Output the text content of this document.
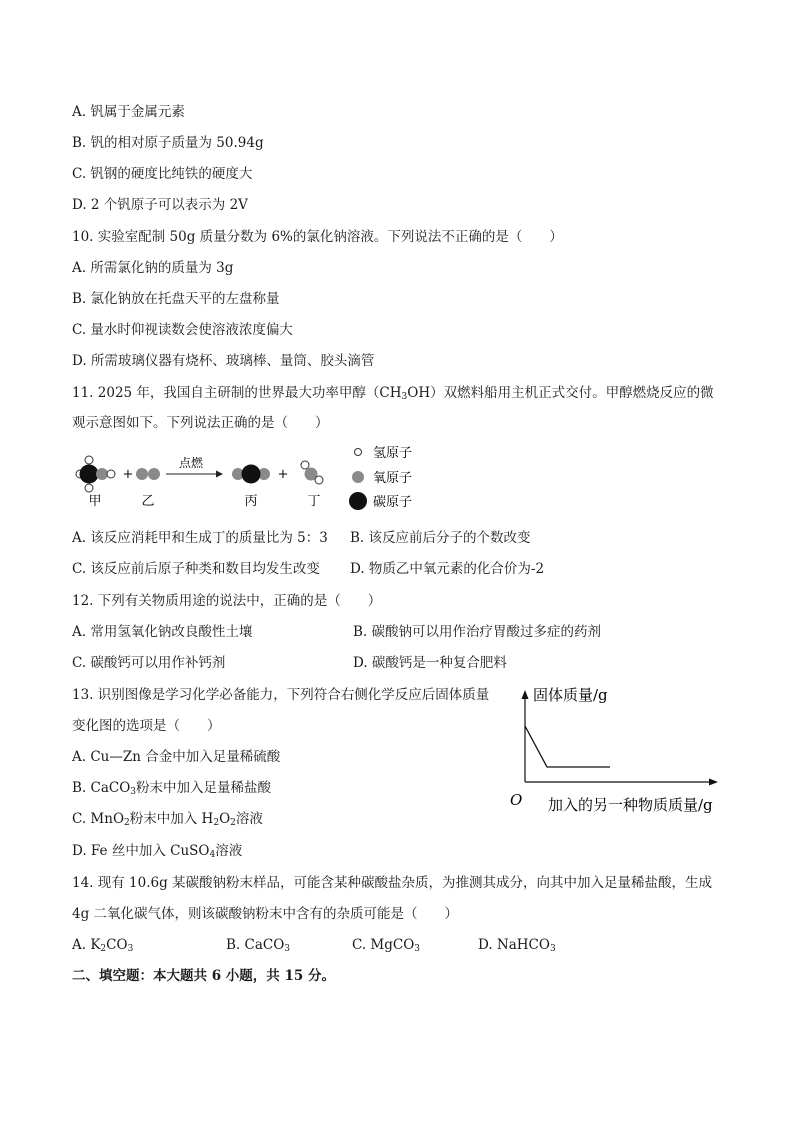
A. 钒属于金属元素
B. 钒的相对原子质量为 50.94g
C. 钒钢的硬度比纯铁的硬度大
D. 2 个钒原子可以表示为 2V
10. 实验室配制 50g 质量分数为 6%的氯化钠溶液。下列说法不正确的是（　　）
A. 所需氯化钠的质量为 3g
B. 氯化钠放在托盘天平的左盘称量
C. 量水时仰视读数会使溶液浓度偏大
D. 所需玻璃仪器有烧杯、玻璃棒、量筒、胶头滴管
11. 2025 年，我国自主研制的世界最大功率甲醇$(CH_3OH)$双燃料船用主机正式交付。甲醇燃烧反应的微
观示意图如下。下列说法正确的是（　　）
+
点燃
+
甲	乙	丙	丁
氢原子
氧原子
碳原子
A. 该反应消耗甲和生成丁的质量比为 5：3 B. 该反应前后分子的个数改变
C. 该反应前后原子种类和数目均发生改变 D. 物质乙中氧元素的化合价为-2
12. 下列有关物质用途的说法中，正确的是（　　）
A. 常用氢氧化钠改良酸性土壤	B. 碳酸钠可以用作治疗胃酸过多症的药剂
C. 碳酸钙可以用作补钙剂	D. 碳酸钙是一种复合肥料
13. 识别图像是学习化学必备能力，下列符合右侧化学反应后固体质量
变化图的选项是（　　）
A. Cu—Zn 合金中加入足量稀硫酸
B. CaCO$_3$粉末中加入足量稀盐酸
C. MnO$_2$粉末中加入 $H_2O_2$溶液
D. Fe 丝中加入 CuSO$_4$溶液
固体质量/g
O 加入的另一种物质质量/g
14. 现有 10.6g 某碳酸钠粉末样品，可能含某种碳酸盐杂质，为推测其成分，向其中加入足量稀盐酸，生成
4g 二氧化碳气体，则该碳酸钠粉末中含有的杂质可能是（　　）
A. $K_2CO_3$	B. CaCO$_3$	C. MgCO$_3$	D. NaHCO$_3$
二、填空题：本大题共 6 小题，共 15 分。
